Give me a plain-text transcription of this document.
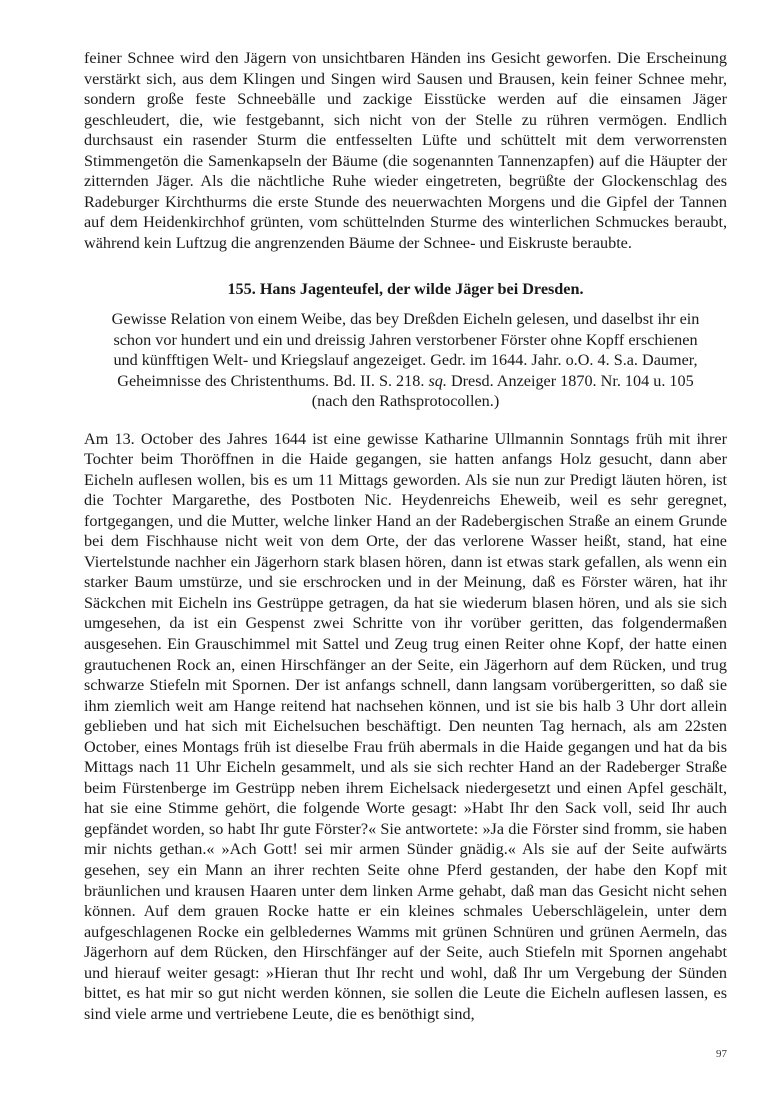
feiner Schnee wird den Jägern von unsichtbaren Händen ins Gesicht geworfen. Die Erscheinung verstärkt sich, aus dem Klingen und Singen wird Sausen und Brausen, kein feiner Schnee mehr, sondern große feste Schneebälle und zackige Eisstücke werden auf die einsamen Jäger geschleudert, die, wie festgebannt, sich nicht von der Stelle zu rühren vermögen. Endlich durchsaust ein rasender Sturm die entfesselten Lüfte und schüttelt mit dem verworrensten Stimmengetön die Samenkapseln der Bäume (die sogenannten Tannenzapfen) auf die Häupter der zitternden Jäger. Als die nächtliche Ruhe wieder eingetreten, begrüßte der Glockenschlag des Radeburger Kirchthurms die erste Stunde des neuerwachten Morgens und die Gipfel der Tannen auf dem Heidenkirchhof grünten, vom schüttelnden Sturme des winterlichen Schmuckes beraubt, während kein Luftzug die angrenzenden Bäume der Schnee- und Eiskruste beraubte.

155. Hans Jagenteufel, der wilde Jäger bei Dresden.

Gewisse Relation von einem Weibe, das bey Dreßden Eicheln gelesen, und daselbst ihr ein schon vor hundert und ein und dreissig Jahren verstorbener Förster ohne Kopff erschienen und künfftigen Welt- und Kriegslauf angezeiget. Gedr. im 1644. Jahr. o.O. 4. S.a. Daumer, Geheimnisse des Christenthums. Bd. II. S. 218. sq. Dresd. Anzeiger 1870. Nr. 104 u. 105 (nach den Rathsprotocollen.)

Am 13. October des Jahres 1644 ist eine gewisse Katharine Ullmannin Sonntags früh mit ihrer Tochter beim Thoröffnen in die Haide gegangen, sie hatten anfangs Holz gesucht, dann aber Eicheln auflesen wollen, bis es um 11 Mittags geworden. Als sie nun zur Predigt läuten hören, ist die Tochter Margarethe, des Postboten Nic. Heydenreichs Eheweib, weil es sehr geregnet, fortgegangen, und die Mutter, welche linker Hand an der Radebergischen Straße an einem Grunde bei dem Fischhause nicht weit von dem Orte, der das verlorene Wasser heißt, stand, hat eine Viertelstunde nachher ein Jägerhorn stark blasen hören, dann ist etwas stark gefallen, als wenn ein starker Baum umstürze, und sie erschrocken und in der Meinung, daß es Förster wären, hat ihr Säckchen mit Eicheln ins Gestrüppe getragen, da hat sie wiederum blasen hören, und als sie sich umgesehen, da ist ein Gespenst zwei Schritte von ihr vorüber geritten, das folgendermaßen ausgesehen. Ein Grauschimmel mit Sattel und Zeug trug einen Reiter ohne Kopf, der hatte einen grautuchenen Rock an, einen Hirschfänger an der Seite, ein Jägerhorn auf dem Rücken, und trug schwarze Stiefeln mit Spornen. Der ist anfangs schnell, dann langsam vorübergeritten, so daß sie ihm ziemlich weit am Hange reitend hat nachsehen können, und ist sie bis halb 3 Uhr dort allein geblieben und hat sich mit Eichelsuchen beschäftigt. Den neunten Tag hernach, als am 22sten October, eines Montags früh ist dieselbe Frau früh abermals in die Haide gegangen und hat da bis Mittags nach 11 Uhr Eicheln gesammelt, und als sie sich rechter Hand an der Radeberger Straße beim Fürstenberge im Gestrüpp neben ihrem Eichelsack niedergesetzt und einen Apfel geschält, hat sie eine Stimme gehört, die folgende Worte gesagt: »Habt Ihr den Sack voll, seid Ihr auch gepfändet worden, so habt Ihr gute Förster?« Sie antwortete: »Ja die Förster sind fromm, sie haben mir nichts gethan.« »Ach Gott! sei mir armen Sünder gnädig.« Als sie auf der Seite aufwärts gesehen, sey ein Mann an ihrer rechten Seite ohne Pferd gestanden, der habe den Kopf mit bräunlichen und krausen Haaren unter dem linken Arme gehabt, daß man das Gesicht nicht sehen können. Auf dem grauen Rocke hatte er ein kleines schmales Ueberschlägelein, unter dem aufgeschlagenen Rocke ein gelbledernes Wamms mit grünen Schnüren und grünen Aermeln, das Jägerhorn auf dem Rücken, den Hirschfänger auf der Seite, auch Stiefeln mit Spornen angehabt und hierauf weiter gesagt: »Hieran thut Ihr recht und wohl, daß Ihr um Vergebung der Sünden bittet, es hat mir so gut nicht werden können, sie sollen die Leute die Eicheln auflesen lassen, es sind viele arme und vertriebene Leute, die es benöthigt sind,

97
